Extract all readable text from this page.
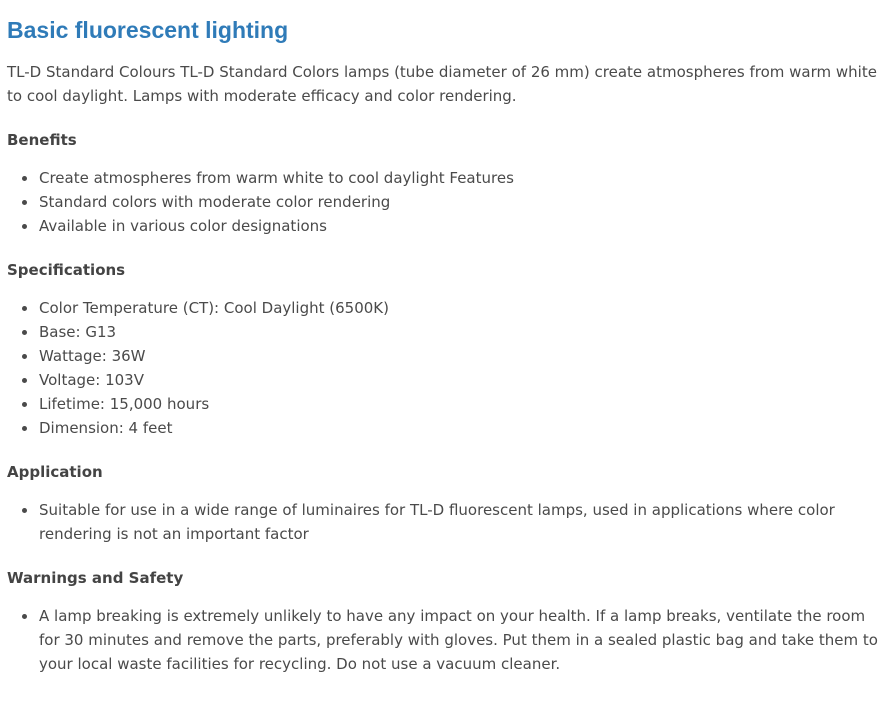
Basic fluorescent lighting

TL-D Standard Colours TL-D Standard Colors lamps (tube diameter of 26 mm) create atmospheres from warm white to cool daylight. Lamps with moderate efficacy and color rendering.

Benefits
Create atmospheres from warm white to cool daylight Features
Standard colors with moderate color rendering
Available in various color designations
Specifications
Color Temperature (CT): Cool Daylight (6500K)
Base: G13
Wattage: 36W
Voltage: 103V
Lifetime: 15,000 hours
Dimension: 4 feet
Application
Suitable for use in a wide range of luminaires for TL-D fluorescent lamps, used in applications where color rendering is not an important factor
Warnings and Safety
A lamp breaking is extremely unlikely to have any impact on your health. If a lamp breaks, ventilate the room for 30 minutes and remove the parts, preferably with gloves. Put them in a sealed plastic bag and take them to your local waste facilities for recycling. Do not use a vacuum cleaner.
